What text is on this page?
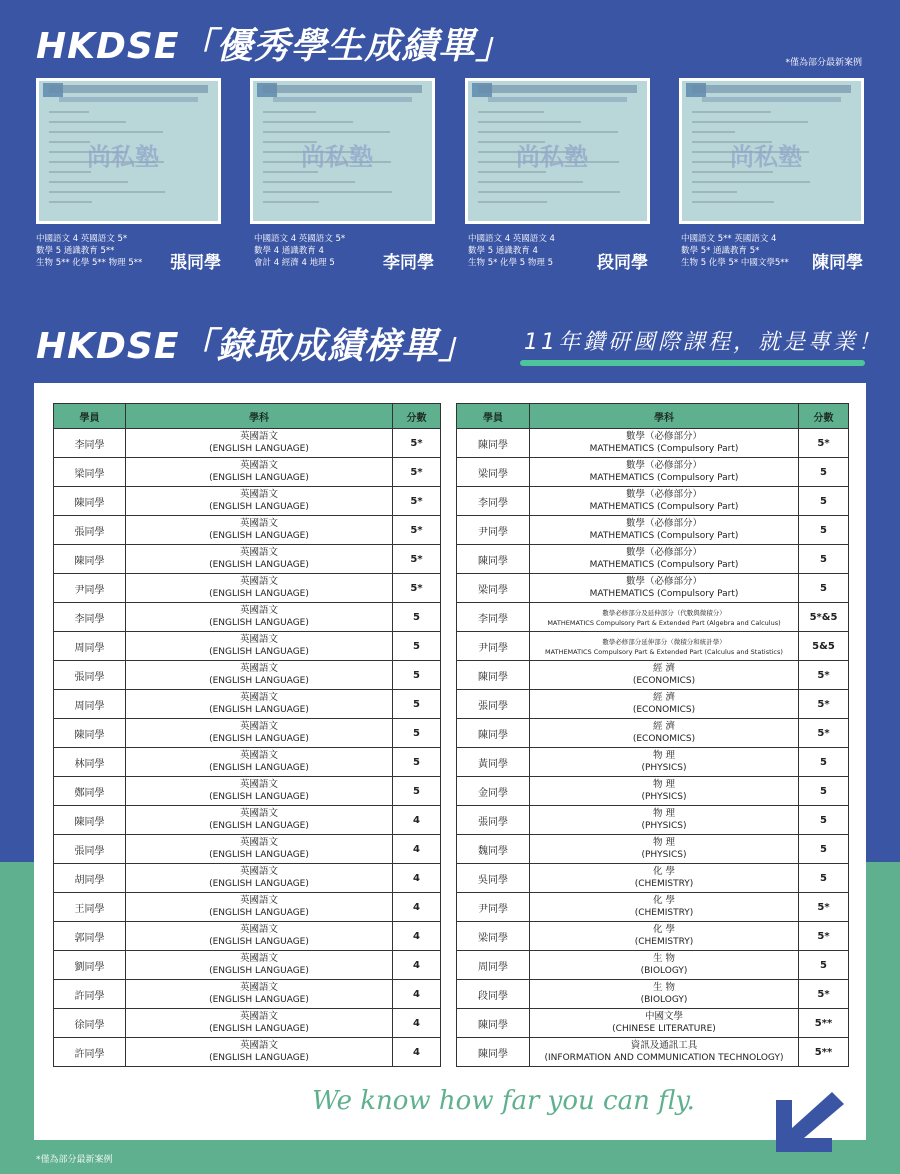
HKDSE「優秀學生成績單」	*僅為部分最新案例
尚私塾
中國語文 4 英國語文 5*
數學 5 通識教育 5**
生物 5** 化學 5** 物理 5** 張同學
尚私塾
中國語文 4 英國語文 5*
數學 4 通識教育 4
會計 4 經濟 4 地理 5	李同學
尚私塾
中國語文 4 英國語文 4
數學 5 通識教育 4
生物 5* 化學 5 物理 5	段同學
尚私塾
中國語文 5** 英國語文 4
數學 5* 通識教育 5*
生物 5 化學 5* 中國文學5** 陳同學
HKDSE「錄取成績榜單」 11年鑽研國際課程，就是專業！
學員	學科	分數
李同學	英國語文
(ENGLISH LANGUAGE)	5*
梁同學	英國語文
(ENGLISH LANGUAGE)	5*
陳同學	英國語文
(ENGLISH LANGUAGE)	5*
張同學	英國語文
(ENGLISH LANGUAGE)	5*
陳同學	英國語文
(ENGLISH LANGUAGE)	5*
尹同學	英國語文
(ENGLISH LANGUAGE)	5*
李同學	英國語文
(ENGLISH LANGUAGE)	5
周同學	英國語文
(ENGLISH LANGUAGE)	5
張同學	英國語文
(ENGLISH LANGUAGE)	5
周同學	英國語文
(ENGLISH LANGUAGE)	5
陳同學	英國語文
(ENGLISH LANGUAGE)	5
林同學	英國語文
(ENGLISH LANGUAGE)	5
鄭同學	英國語文
(ENGLISH LANGUAGE)	5
陳同學	英國語文
(ENGLISH LANGUAGE)	4
張同學	英國語文
(ENGLISH LANGUAGE)	4
胡同學	英國語文
(ENGLISH LANGUAGE)	4
王同學	英國語文
(ENGLISH LANGUAGE)	4
郭同學	英國語文
(ENGLISH LANGUAGE)	4
劉同學	英國語文
(ENGLISH LANGUAGE)	4
許同學	英國語文
(ENGLISH LANGUAGE)	4
徐同學	英國語文
(ENGLISH LANGUAGE)	4
許同學	英國語文
(ENGLISH LANGUAGE)	4
學員	學科	分數
陳同學	數學（必修部分）
MATHEMATICS (Compulsory Part)	5*
梁同學	數學（必修部分）
MATHEMATICS (Compulsory Part)	5
李同學	數學（必修部分）
MATHEMATICS (Compulsory Part)	5
尹同學	數學（必修部分）
MATHEMATICS (Compulsory Part)	5
陳同學	數學（必修部分）
MATHEMATICS (Compulsory Part)	5
梁同學	數學（必修部分）
MATHEMATICS (Compulsory Part)	5
李同學	數學必修部分及延伸部分（代數與微積分）
MATHEMATICS Compulsory Part & Extended Part (Algebra and Calculus)	5*&5
尹同學	數學必修部分延伸部分（微積分和統計學）
MATHEMATICS Compulsory Part & Extended Part (Calculus and Statistics)	5&5
陳同學	經 濟
(ECONOMICS)	5*
張同學	經 濟
(ECONOMICS)	5*
陳同學	經 濟
(ECONOMICS)	5*
黃同學	物 理
(PHYSICS)	5
金同學	物 理
(PHYSICS)	5
張同學	物 理
(PHYSICS)	5
魏同學	物 理
(PHYSICS)	5
吳同學	化 學
(CHEMISTRY)	5
尹同學	化 學
(CHEMISTRY)	5*
梁同學	化 學
(CHEMISTRY)	5*
周同學	生 物
(BIOLOGY)	5
段同學	生 物
(BIOLOGY)	5*
陳同學	中國文學
(CHINESE LITERATURE)	5**
陳同學	資訊及通訊工具
(INFORMATION AND COMMUNICATION TECHNOLOGY)	5**
We know how far you can fly.
*僅為部分最新案例
